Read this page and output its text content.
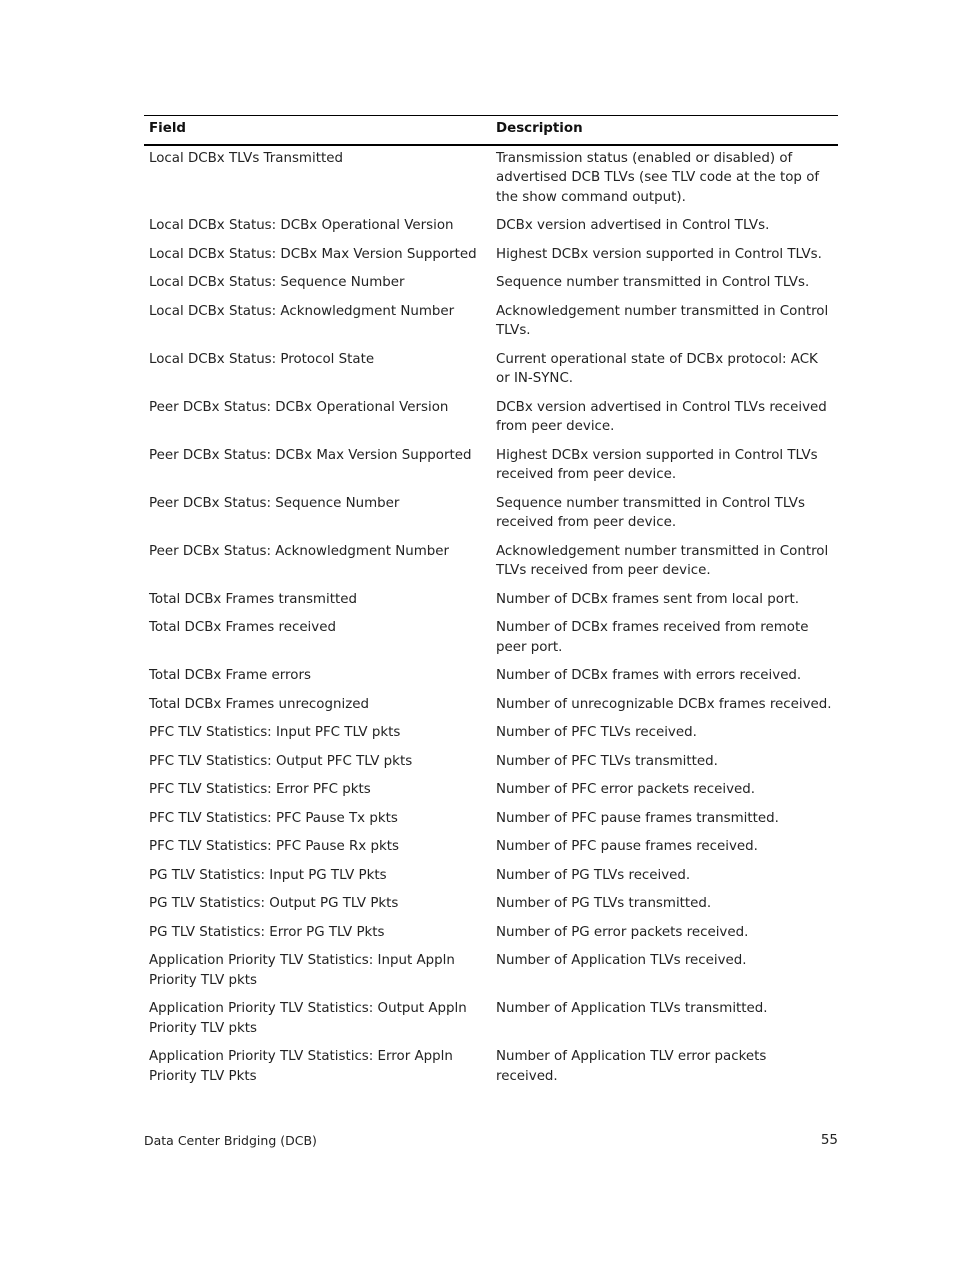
Field	Description
Local DCBx TLVs Transmitted	Transmission status (enabled or disabled) of advertised DCB TLVs (see TLV code at the top of the show command output).
Local DCBx Status: DCBx Operational Version	DCBx version advertised in Control TLVs.
Local DCBx Status: DCBx Max Version Supported	Highest DCBx version supported in Control TLVs.
Local DCBx Status: Sequence Number	Sequence number transmitted in Control TLVs.
Local DCBx Status: Acknowledgment Number	Acknowledgement number transmitted in Control TLVs.
Local DCBx Status: Protocol State	Current operational state of DCBx protocol: ACK or IN-SYNC.
Peer DCBx Status: DCBx Operational Version	DCBx version advertised in Control TLVs received from peer device.
Peer DCBx Status: DCBx Max Version Supported	Highest DCBx version supported in Control TLVs received from peer device.
Peer DCBx Status: Sequence Number	Sequence number transmitted in Control TLVs received from peer device.
Peer DCBx Status: Acknowledgment Number	Acknowledgement number transmitted in Control TLVs received from peer device.
Total DCBx Frames transmitted	Number of DCBx frames sent from local port.
Total DCBx Frames received	Number of DCBx frames received from remote peer port.
Total DCBx Frame errors	Number of DCBx frames with errors received.
Total DCBx Frames unrecognized	Number of unrecognizable DCBx frames received.
PFC TLV Statistics: Input PFC TLV pkts	Number of PFC TLVs received.
PFC TLV Statistics: Output PFC TLV pkts	Number of PFC TLVs transmitted.
PFC TLV Statistics: Error PFC pkts	Number of PFC error packets received.
PFC TLV Statistics: PFC Pause Tx pkts	Number of PFC pause frames transmitted.
PFC TLV Statistics: PFC Pause Rx pkts	Number of PFC pause frames received.
PG TLV Statistics: Input PG TLV Pkts	Number of PG TLVs received.
PG TLV Statistics: Output PG TLV Pkts	Number of PG TLVs transmitted.
PG TLV Statistics: Error PG TLV Pkts	Number of PG error packets received.
Application Priority TLV Statistics: Input Appln Priority TLV pkts	Number of Application TLVs received.
Application Priority TLV Statistics: Output Appln Priority TLV pkts	Number of Application TLVs transmitted.
Application Priority TLV Statistics: Error Appln Priority TLV Pkts	Number of Application TLV error packets received.
Data Center Bridging (DCB)	55
